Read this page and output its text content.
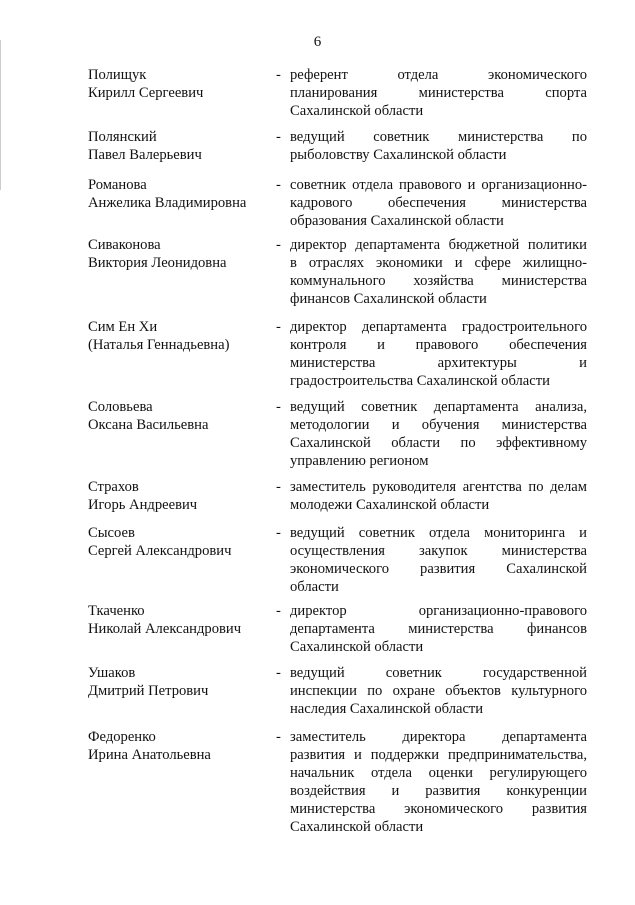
6
Полищук
Кирилл Сергеевич
- референт отдела экономического
планирования министерства спорта
Сахалинской области
Полянский
Павел Валерьевич
- ведущий советник министерства по
рыболовству Сахалинской области
Романова
Анжелика Владимировна
- советник отдела правового и организационно-
кадрового обеспечения министерства
образования Сахалинской области
Сиваконова
Виктория Леонидовна
- директор департамента бюджетной политики
в отраслях экономики и сфере жилищно-
коммунального хозяйства министерства
финансов Сахалинской области
Сим Ен Хи
(Наталья Геннадьевна)
- директор департамента градостроительного
контроля и правового обеспечения
министерства архитектуры и
градостроительства Сахалинской области
Соловьева
Оксана Васильевна
- ведущий советник департамента анализа,
методологии и обучения министерства
Сахалинской области по эффективному
управлению регионом
Страхов
Игорь Андреевич
- заместитель руководителя агентства по делам
молодежи Сахалинской области
Сысоев
Сергей Александрович
- ведущий советник отдела мониторинга и
осуществления закупок министерства
экономического развития Сахалинской
области
Ткаченко
Николай Александрович
- директор организационно-правового
департамента министерства финансов
Сахалинской области
Ушаков
Дмитрий Петрович
- ведущий советник государственной
инспекции по охране объектов культурного
наследия Сахалинской области
Федоренко
Ирина Анатольевна
- заместитель директора департамента
развития и поддержки предпринимательства,
начальник отдела оценки регулирующего
воздействия и развития конкуренции
министерства экономического развития
Сахалинской области
